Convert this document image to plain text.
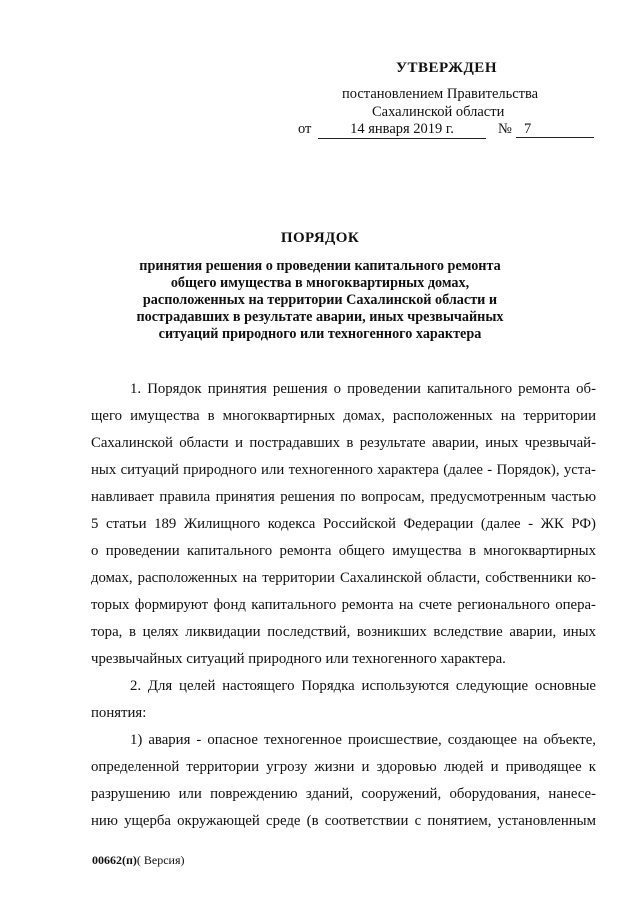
УТВЕРЖДЕН
постановлением Правительства
Сахалинской области
от	14 января 2019 г.	№ 7
ПОРЯДОК
принятия решения о проведении капитального ремонта
общего имущества в многоквартирных домах,
расположенных на территории Сахалинской области и
пострадавших в результате аварии, иных чрезвычайных
ситуаций природного или техногенного характера
1. Порядок принятия решения о проведении капитального ремонта об-
щего имущества в многоквартирных домах, расположенных на территории
Сахалинской области и пострадавших в результате аварии, иных чрезвычай-
ных ситуаций природного или техногенного характера (далее - Порядок), уста-
навливает правила принятия решения по вопросам, предусмотренным частью
5 статьи 189 Жилищного кодекса Российской Федерации (далее - ЖК РФ)
о проведении капитального ремонта общего имущества в многоквартирных
домах, расположенных на территории Сахалинской области, собственники ко-
торых формируют фонд капитального ремонта на счете регионального опера-
тора, в целях ликвидации последствий, возникших вследствие аварии, иных
чрезвычайных ситуаций природного или техногенного характера.
2. Для целей настоящего Порядка используются следующие основные
понятия:
1) авария - опасное техногенное происшествие, создающее на объекте,
определенной территории угрозу жизни и здоровью людей и приводящее к
разрушению или повреждению зданий, сооружений, оборудования, нанесе-
нию ущерба окружающей среде (в соответствии с понятием, установленным
00662(п)( Версия)
